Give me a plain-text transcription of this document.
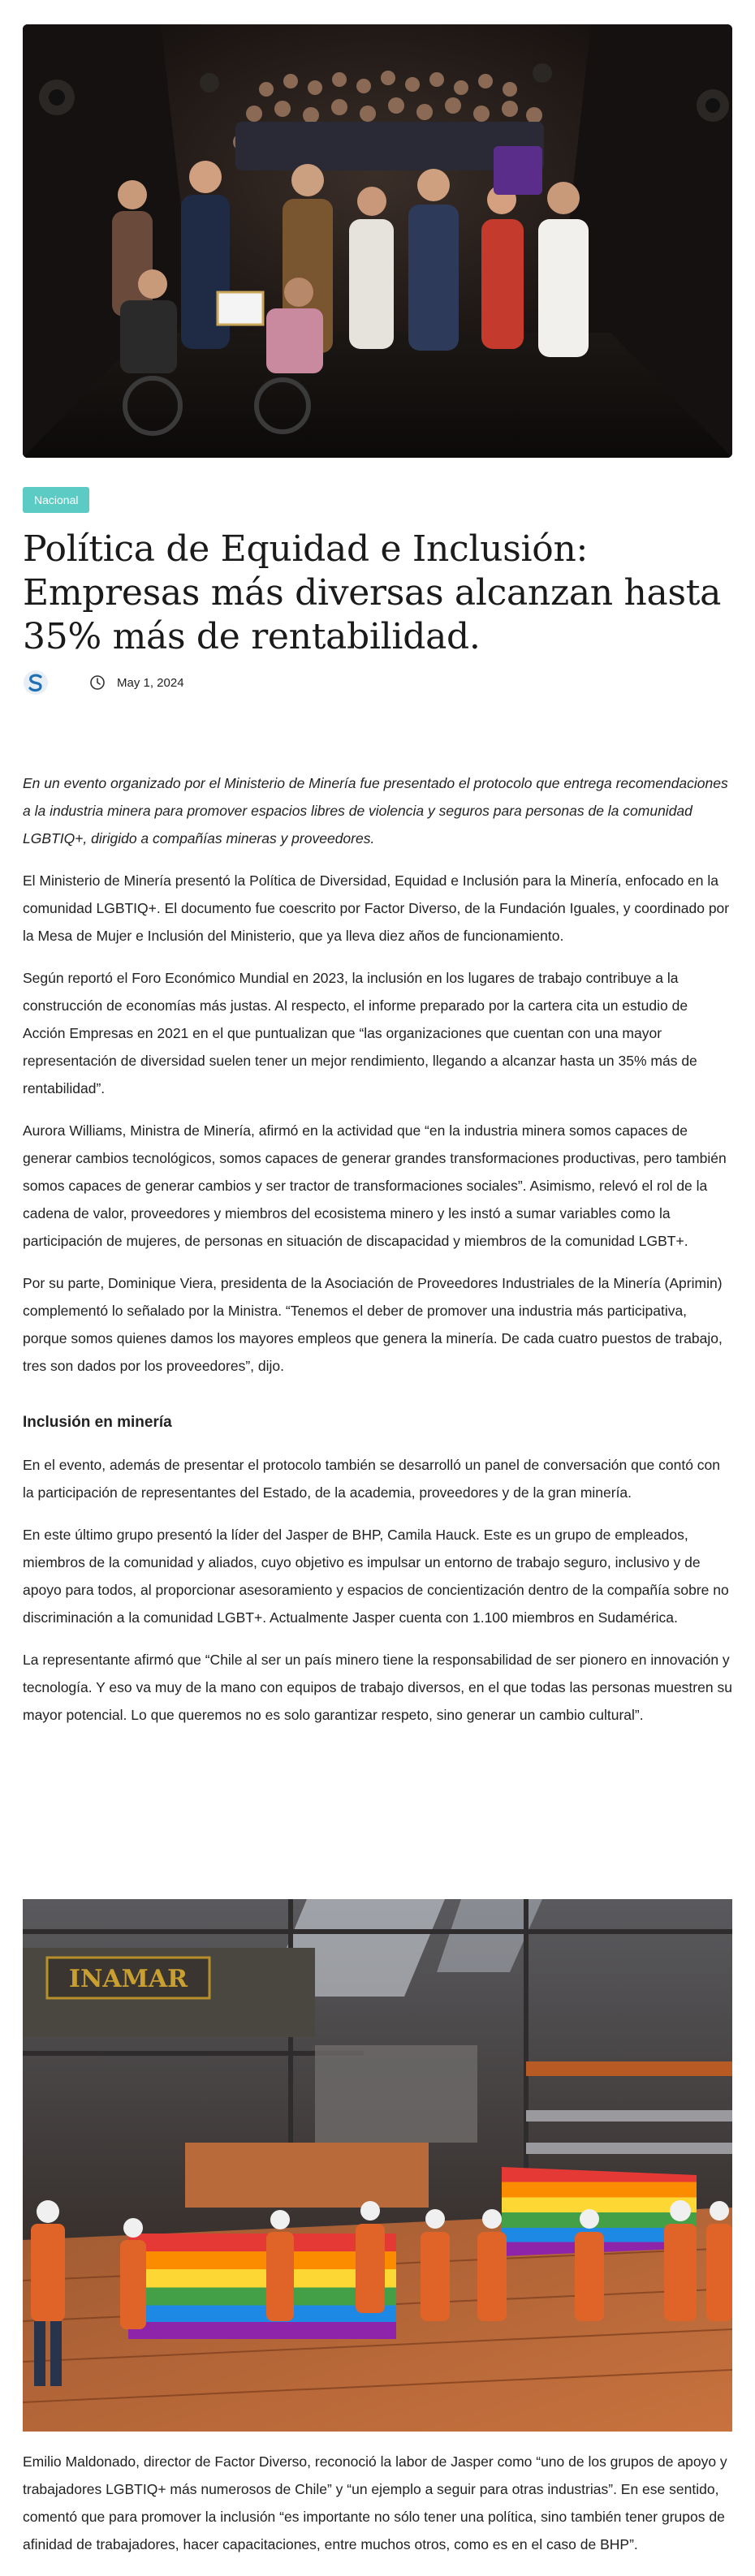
Nacional
Política de Equidad e Inclusión: Empresas más diversas alcanzan hasta 35% más de rentabilidad.
May 1, 2024

En un evento organizado por el Ministerio de Minería fue presentado el protocolo que entrega recomendaciones a la industria minera para promover espacios libres de violencia y seguros para personas de la comunidad LGBTIQ+, dirigido a compañías mineras y proveedores.

El Ministerio de Minería presentó la Política de Diversidad, Equidad e Inclusión para la Minería, enfocado en la comunidad LGBTIQ+. El documento fue coescrito por Factor Diverso, de la Fundación Iguales, y coordinado por la Mesa de Mujer e Inclusión del Ministerio, que ya lleva diez años de funcionamiento.

Según reportó el Foro Económico Mundial en 2023, la inclusión en los lugares de trabajo contribuye a la construcción de economías más justas. Al respecto, el informe preparado por la cartera cita un estudio de Acción Empresas en 2021 en el que puntualizan que “las organizaciones que cuentan con una mayor representación de diversidad suelen tener un mejor rendimiento, llegando a alcanzar hasta un 35% más de rentabilidad”.

Aurora Williams, Ministra de Minería, afirmó en la actividad que “en la industria minera somos capaces de generar cambios tecnológicos, somos capaces de generar grandes transformaciones productivas, pero también somos capaces de generar cambios y ser tractor de transformaciones sociales”. Asimismo, relevó el rol de la cadena de valor, proveedores y miembros del ecosistema minero y les instó a sumar variables como la participación de mujeres, de personas en situación de discapacidad y miembros de la comunidad LGBT+.

Por su parte, Dominique Viera, presidenta de la Asociación de Proveedores Industriales de la Minería (Aprimin) complementó lo señalado por la Ministra. “Tenemos el deber de promover una industria más participativa, porque somos quienes damos los mayores empleos que genera la minería. De cada cuatro puestos de trabajo, tres son dados por los proveedores”, dijo.

Inclusión en minería

En el evento, además de presentar el protocolo también se desarrolló un panel de conversación que contó con la participación de representantes del Estado, de la academia, proveedores y de la gran minería.

En este último grupo presentó la líder del Jasper de BHP, Camila Hauck. Este es un grupo de empleados, miembros de la comunidad y aliados, cuyo objetivo es impulsar un entorno de trabajo seguro, inclusivo y de apoyo para todos, al proporcionar asesoramiento y espacios de concientización dentro de la compañía sobre no discriminación a la comunidad LGBT+. Actualmente Jasper cuenta con 1.100 miembros en Sudamérica.

La representante afirmó que “Chile al ser un país minero tiene la responsabilidad de ser pionero en innovación y tecnología. Y eso va muy de la mano con equipos de trabajo diversos, en el que todas las personas muestren su mayor potencial. Lo que queremos no es solo garantizar respeto, sino generar un cambio cultural”.

INAMAR

Emilio Maldonado, director de Factor Diverso, reconoció la labor de Jasper como “uno de los grupos de apoyo y trabajadores LGBTIQ+ más numerosos de Chile” y “un ejemplo a seguir para otras industrias”. En ese sentido, comentó que para promover la inclusión “es importante no sólo tener una política, sino también tener grupos de afinidad de trabajadores, hacer capacitaciones, entre muchos otros, como es en el caso de BHP”.
